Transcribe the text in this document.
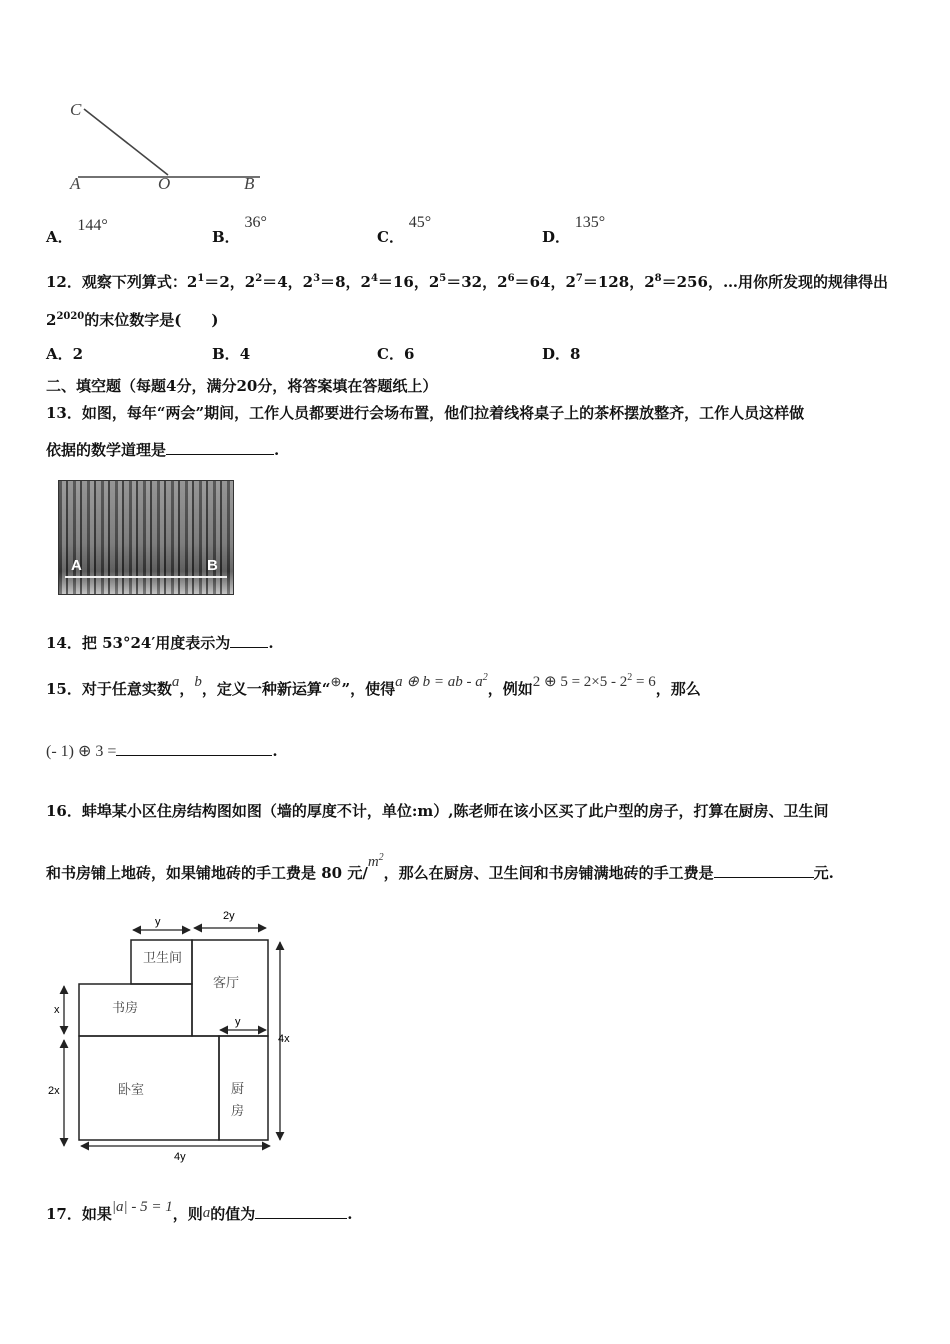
C
A	O	B
A． 144°
B． 36°
C． 45°
D． 135°
12．观察下列算式：$2^1=2$，$2^2=4$，$2^3=8$，$2^4=16$，$2^5=32$，$2^6=64$，$2^7=128$，$2^8=256$，…用你所发现的规律得出
$2^{2020}$的末位数字是(　　)
A．2	B．4	C．6	D．8
二、填空题（每题4分，满分20分，将答案填在答题纸上）
13．如图，每年“两会”期间，工作人员都要进行会场布置，他们拉着线将桌子上的茶杯摆放整齐，工作人员这样做
依据的数学道理是	.
A	B
14．把 53°24′用度表示为	.
15．对于任意实数a，b，定义一种新运算“⊕”，使得a ⊕ b = ab - $a^2$，例如2 ⊕ $5 = 2\times 5 - 2^2 = 6$，那么
(- 1) ⊕ 3 =	.
16．蚌埠某小区住房结构图如图（墙的厚度不计，单位:m）,陈老师在该小区买了此户型的房子，打算在厨房、卫生间
和书房铺上地砖，如果铺地砖的手工费是 80 元$/m^2$，那么在厨房、卫生间和书房铺满地砖的手工费是	元.
y	2y
y
x
2x
4x
4y
卫生间
客厅
书房
卧室	厨
房
17．如果|a| - 5 = 1，则a的值为	.
